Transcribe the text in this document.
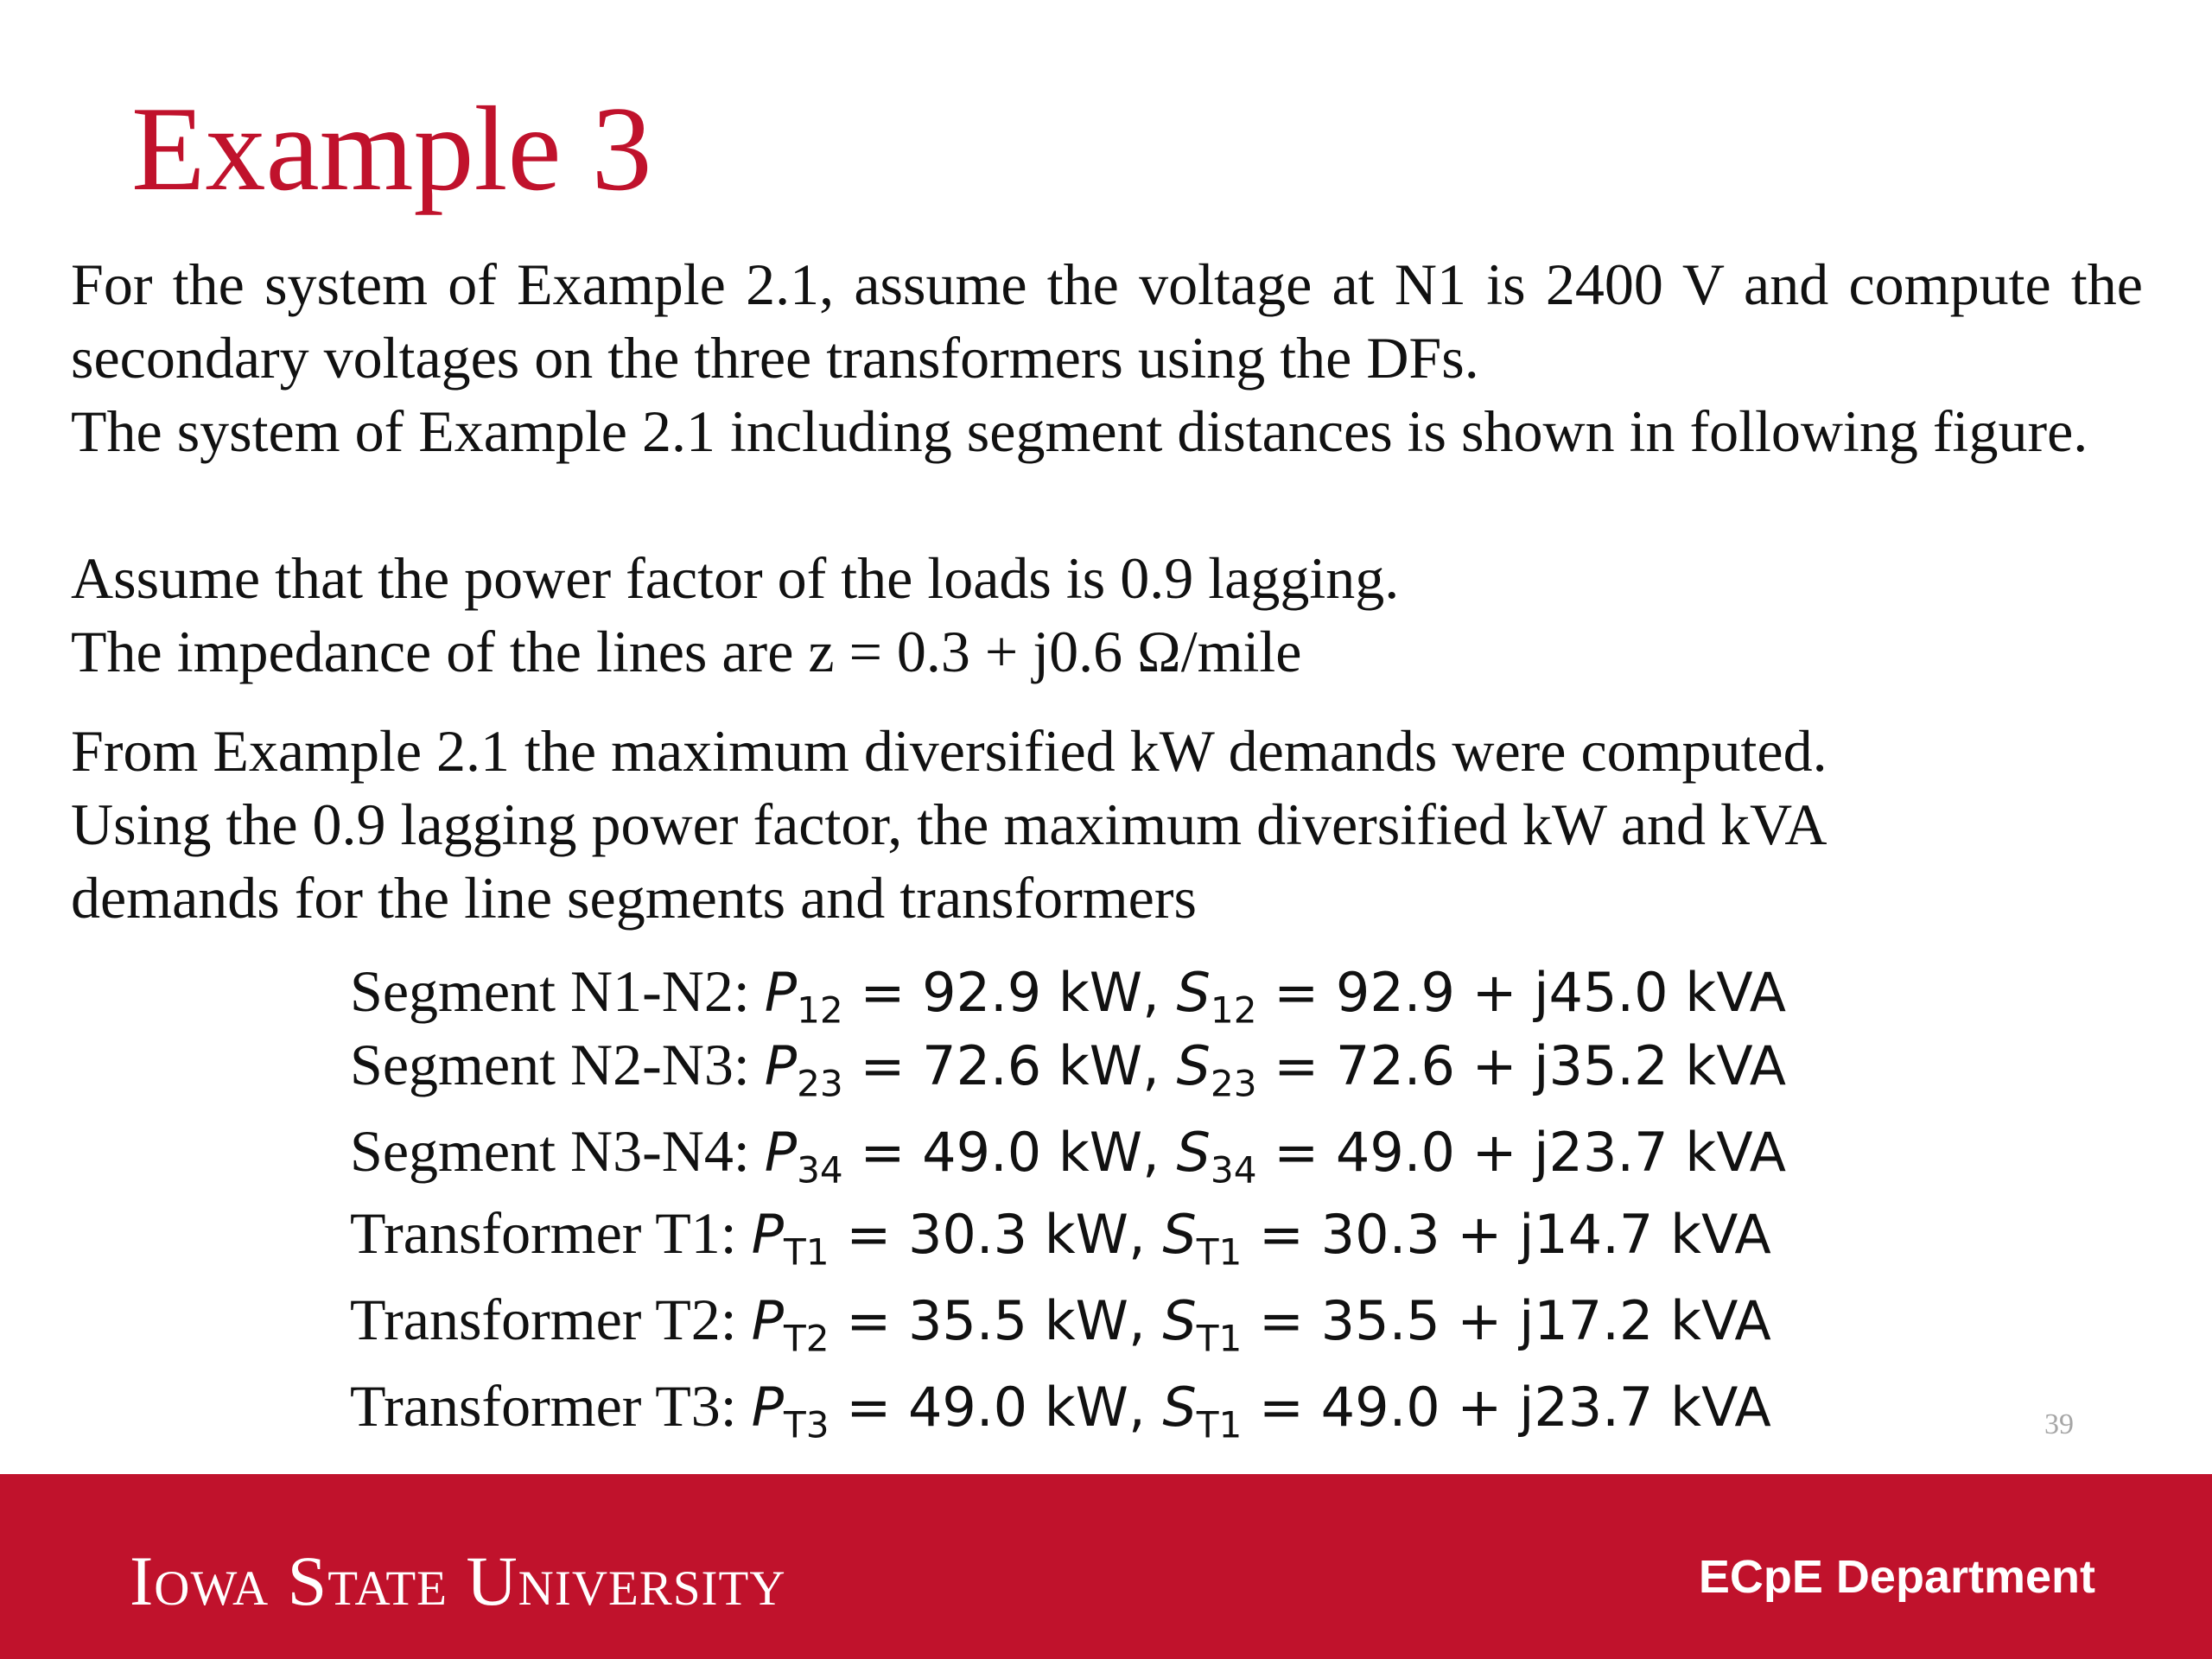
Example 3

For the system of Example 2.1, assume the voltage at N1 is 2400 V and compute the secondary voltages on the three transformers using the DFs.

The system of Example 2.1 including segment distances is shown in following figure.

Assume that the power factor of the loads is 0.9 lagging.

The impedance of the lines are z = 0.3 + j0.6 Ω/mile

From Example 2.1 the maximum diversified kW demands were computed.

Using the 0.9 lagging power factor, the maximum diversified kW and kVA

demands for the line segments and transformers

Segment N1-N2: $P_{12} = 92.9$ kW, $S_{12} = 92.9 + j45.0$ kVA
Segment N2-N3: $P_{23} = 72.6$ kW, $S_{23} = 72.6 + j35.2$ kVA
Segment N3-N4: $P_{34} = 49.0$ kW, $S_{34} = 49.0 + j23.7$ kVA
Transformer T1: $P_{T1} = 30.3$ kW, $S_{T1} = 30.3 + j14.7$ kVA
Transformer T2: $P_{T2} = 35.5$ kW, $S_{T1} = 35.5 + j17.2$ kVA
Transformer T3: $P_{T3} = 49.0$ kW, $S_{T1} = 49.0 + j23.7$ kVA	39
Iowa State University	ECpE Department
